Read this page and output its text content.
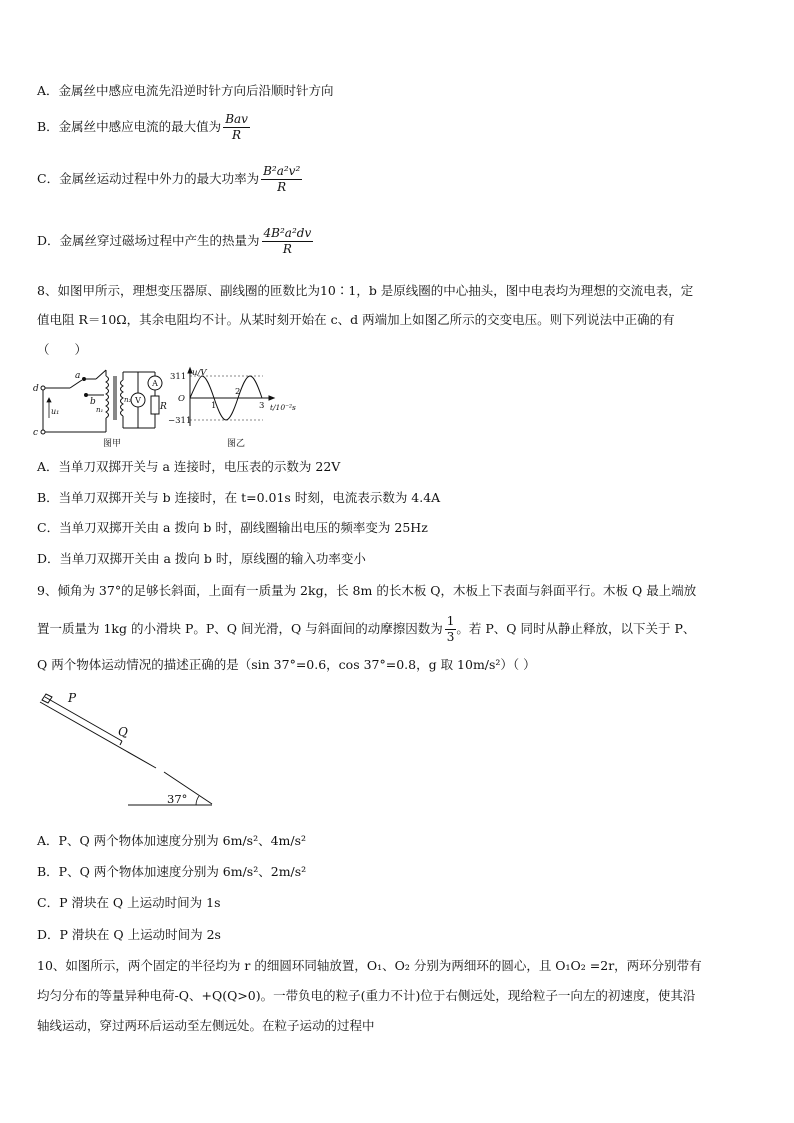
A．金属丝中感应电流先沿逆时针方向后沿顺时针方向
B．金属丝中感应电流的最大值为 $\frac{\text{Bav}}{R}$
C．金属丝运动过程中外力的最大功率为 $\frac{\text{B²a²v²}}{R}$
D．金属丝穿过磁场过程中产生的热量为 $\frac{\text{4B²a²dv}}{R}$
8、如图甲所示，理想变压器原、副线圈的匝数比为10∶1，b 是原线圈的中心抽头，图中电表均为理想的交流电表，定
值电阻 R＝10Ω，其余电阻均不计。从某时刻开始在 c、d 两端加上如图乙所示的交变电压。则下列说法中正确的有
（　　）
d
c
a
b
u₁	n₁
n₂
R
V
A
图甲
u/V
311
O
−311
1
2
3 t/10⁻²s
图乙
A．当单刀双掷开关与 a 连接时，电压表的示数为 22V
B．当单刀双掷开关与 b 连接时，在 t=0.01s 时刻，电流表示数为 4.4A
C．当单刀双掷开关由 a 拨向 b 时，副线圈输出电压的频率变为 25Hz
D．当单刀双掷开关由 a 拨向 b 时，原线圈的输入功率变小
9、倾角为 37°的足够长斜面，上面有一质量为 2kg，长 8m 的长木板 Q，木板上下表面与斜面平行。木板 Q 最上端放
置一质量为 1kg 的小滑块 P。P、Q 间光滑，Q 与斜面间的动摩擦因数为 $\frac{1}{3}$ 。若 P、Q 同时从静止释放，以下关于 P、
Q 两个物体运动情况的描述正确的是（sin 37°=0.6，cos 37°=0.8，g 取 10m/s²）（ ）
P
Q
37°
A．P、Q 两个物体加速度分别为 6m/s²、4m/s²
B．P、Q 两个物体加速度分别为 6m/s²、2m/s²
C．P 滑块在 Q 上运动时间为 1s
D．P 滑块在 Q 上运动时间为 2s
10、如图所示，两个固定的半径均为 r 的细圆环同轴放置，O₁、O₂ 分别为两细环的圆心，且 O₁O₂ =2r，两环分别带有
均匀分布的等量异种电荷-Q、+Q(Q>0)。一带负电的粒子(重力不计)位于右侧远处，现给粒子一向左的初速度，使其沿
轴线运动，穿过两环后运动至左侧远处。在粒子运动的过程中
